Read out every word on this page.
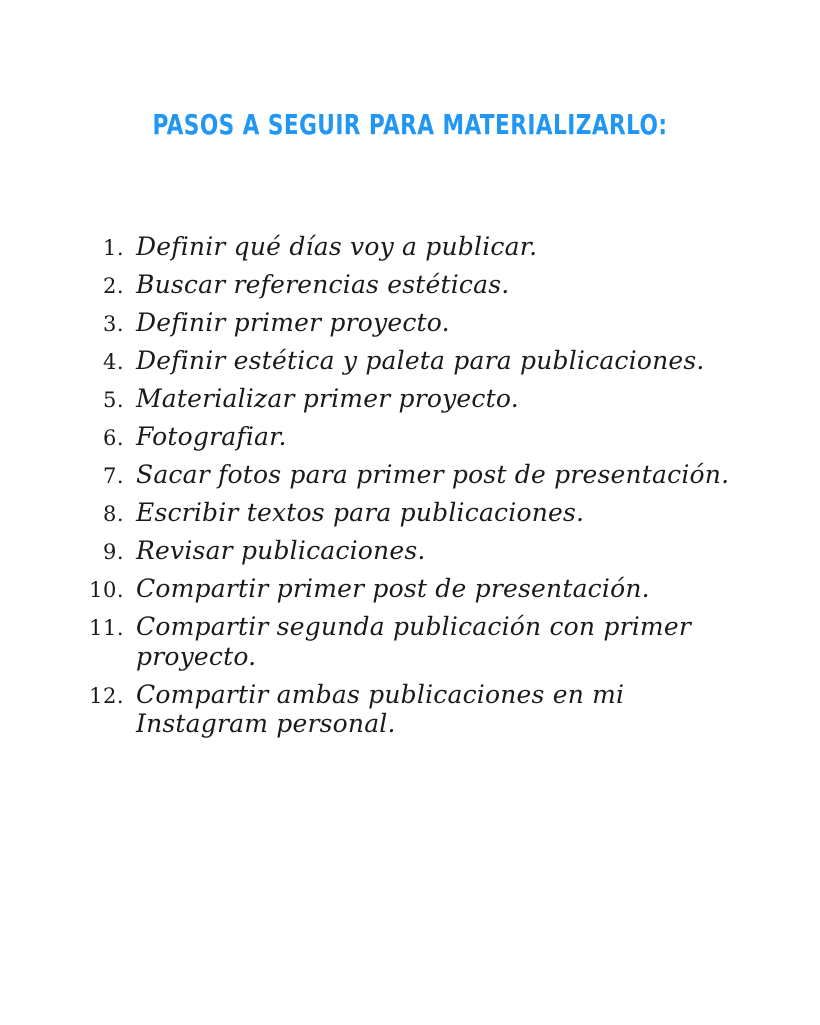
PASOS A SEGUIR PARA MATERIALIZARLO:
1. Definir qué días voy a publicar.
2. Buscar referencias estéticas.
3. Definir primer proyecto.
4. Definir estética y paleta para publicaciones.
5. Materializar primer proyecto.
6. Fotografiar.
7. Sacar fotos para primer post de presentación.
8. Escribir textos para publicaciones.
9. Revisar publicaciones.
10. Compartir primer post de presentación.
11. Compartir segunda publicación con primer proyecto.
12. Compartir ambas publicaciones en mi Instagram personal.
